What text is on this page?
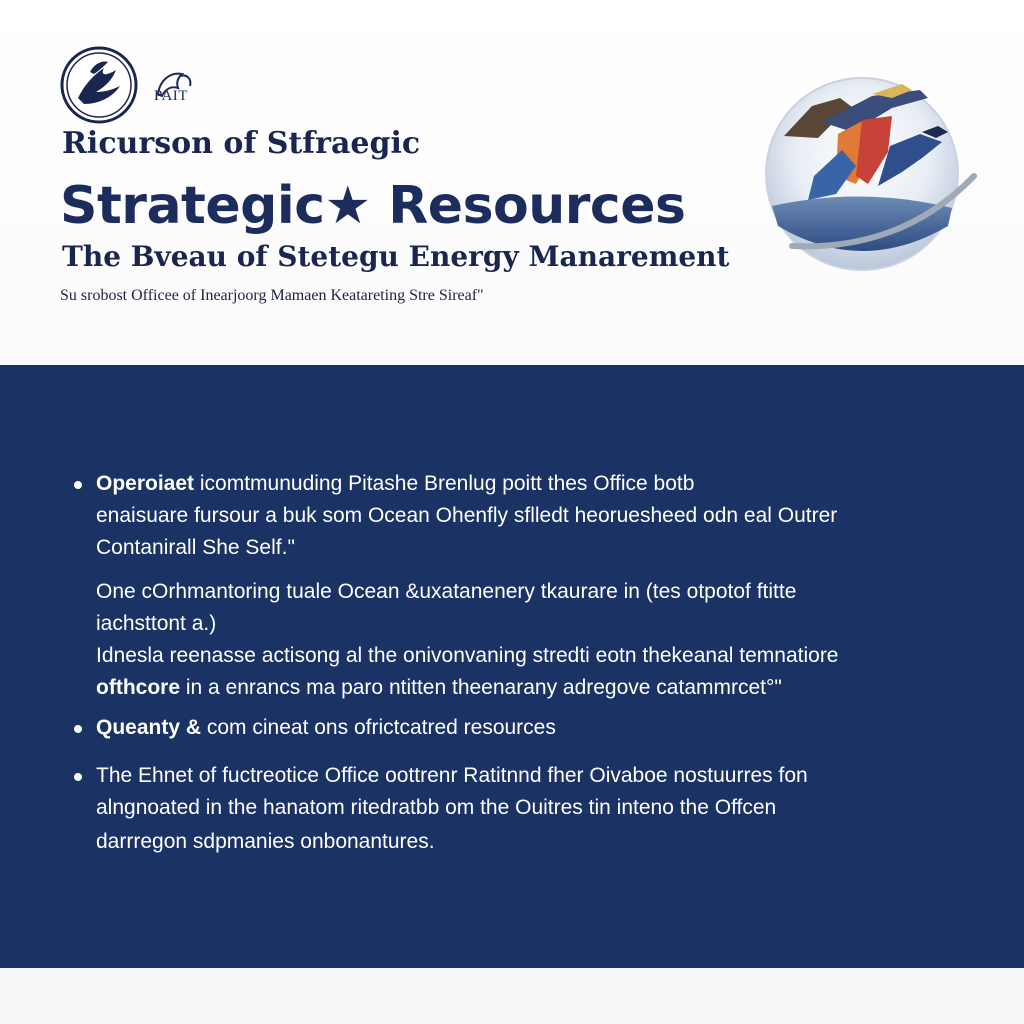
PAIT
Ricurson of Stfraegic
Strategic★ Resources
The Bveau of Stetegu Energy Manarement
Su srobost Officee of Inearjoorg Mamaen Keatareting Stre Sireaf"
Operoiaet icomtmunuding Pitashe Brenlug poitt thes Office botb
enaisuare fursour a buk som Ocean Ohenfly sflledt heoruesheed odn eal Outrer
Contanirall She Self."
One cOrhmantoring tuale Ocean &uxatanenery tkaurare in (tes otpotof ftitte
iachsttont a.)
Idnesla reenasse actisong al the onivonvaning stredti eotn thekeanal temnatiore
ofthcore in a enrancs ma paro ntitten theenarany adregove catammrcet°"
Queanty & com cineat ons ofrictcatred resources
The Ehnet of fuctreotice Office oottrenr Ratitnnd fher Oivaboe nostuurres fon
alngnoated in the hanatom ritedratbb om the Ouitres tin intenо the Offcen
darrregon sdpmanies onbonantures.
